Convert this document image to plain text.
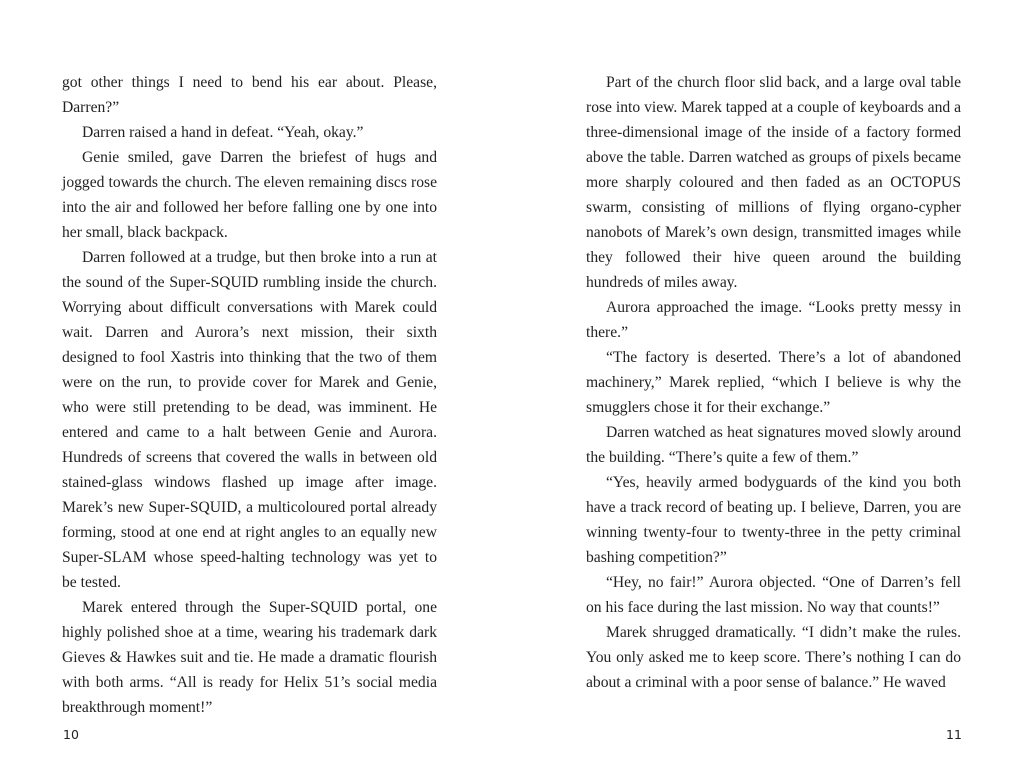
got other things I need to bend his ear about. Please, Darren?”

Darren raised a hand in defeat. “Yeah, okay.”

Genie smiled, gave Darren the briefest of hugs and jogged towards the church. The eleven remaining discs rose into the air and followed her before falling one by one into her small, black backpack.

Darren followed at a trudge, but then broke into a run at the sound of the Super-SQUID rumbling inside the church. Worrying about difficult conversations with Marek could wait. Darren and Aurora’s next mission, their sixth designed to fool Xastris into thinking that the two of them were on the run, to provide cover for Marek and Genie, who were still pretending to be dead, was imminent. He entered and came to a halt between Genie and Aurora. Hundreds of screens that covered the walls in between old stained-glass windows flashed up image after image. Marek’s new Super-SQUID, a multicoloured portal already forming, stood at one end at right angles to an equally new Super-SLAM whose speed-halting technology was yet to be tested.

Marek entered through the Super-SQUID portal, one highly polished shoe at a time, wearing his trademark dark Gieves & Hawkes suit and tie. He made a dramatic flourish with both arms. “All is ready for Helix 51’s social media breakthrough moment!”

Part of the church floor slid back, and a large oval table rose into view. Marek tapped at a couple of keyboards and a three-dimensional image of the inside of a factory formed above the table. Darren watched as groups of pixels became more sharply coloured and then faded as an OCTOPUS swarm, consisting of millions of flying organo-cypher nanobots of Marek’s own design, transmitted images while they followed their hive queen around the building hundreds of miles away.

Aurora approached the image. “Looks pretty messy in there.”

“The factory is deserted. There’s a lot of abandoned machinery,” Marek replied, “which I believe is why the smugglers chose it for their exchange.”

Darren watched as heat signatures moved slowly around the building. “There’s quite a few of them.”

“Yes, heavily armed bodyguards of the kind you both have a track record of beating up. I believe, Darren, you are winning twenty-four to twenty-three in the petty criminal bashing competition?”

“Hey, no fair!” Aurora objected. “One of Darren’s fell on his face during the last mission. No way that counts!”

Marek shrugged dramatically. “I didn’t make the rules. You only asked me to keep score. There’s nothing I can do about a criminal with a poor sense of balance.” He waved

10	11
